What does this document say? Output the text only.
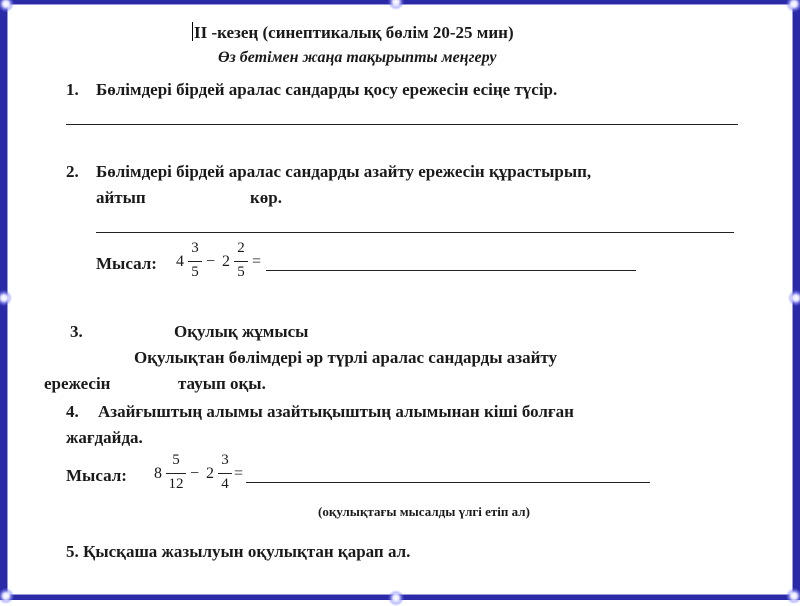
ІІ -кезең (синептикалық бөлім 20-25 мин)
Өз бетімен жаңа тақырыпты меңгеру
1. Бөлімдері бірдей аралас сандарды қосу ережесін есіңе түсір.
2. Бөлімдері бірдей аралас сандарды азайту ережесін құрастырып,
айтып	көр.
Мысал: 4
3
5
− 2
2
5
=
3.	Оқулық жұмысы
Оқулықтан бөлімдері әр түрлі аралас сандарды азайту
ережесін	тауып оқы.
4. Азайғыштың алымы азайтықыштың алымынан кіші болған
жағдайда.
Мысал: 8
5
12
− 2
3
4
=
(оқулықтағы мысалды үлгі етіп ал)
5. Қысқаша жазылуын оқулықтан қарап ал.
